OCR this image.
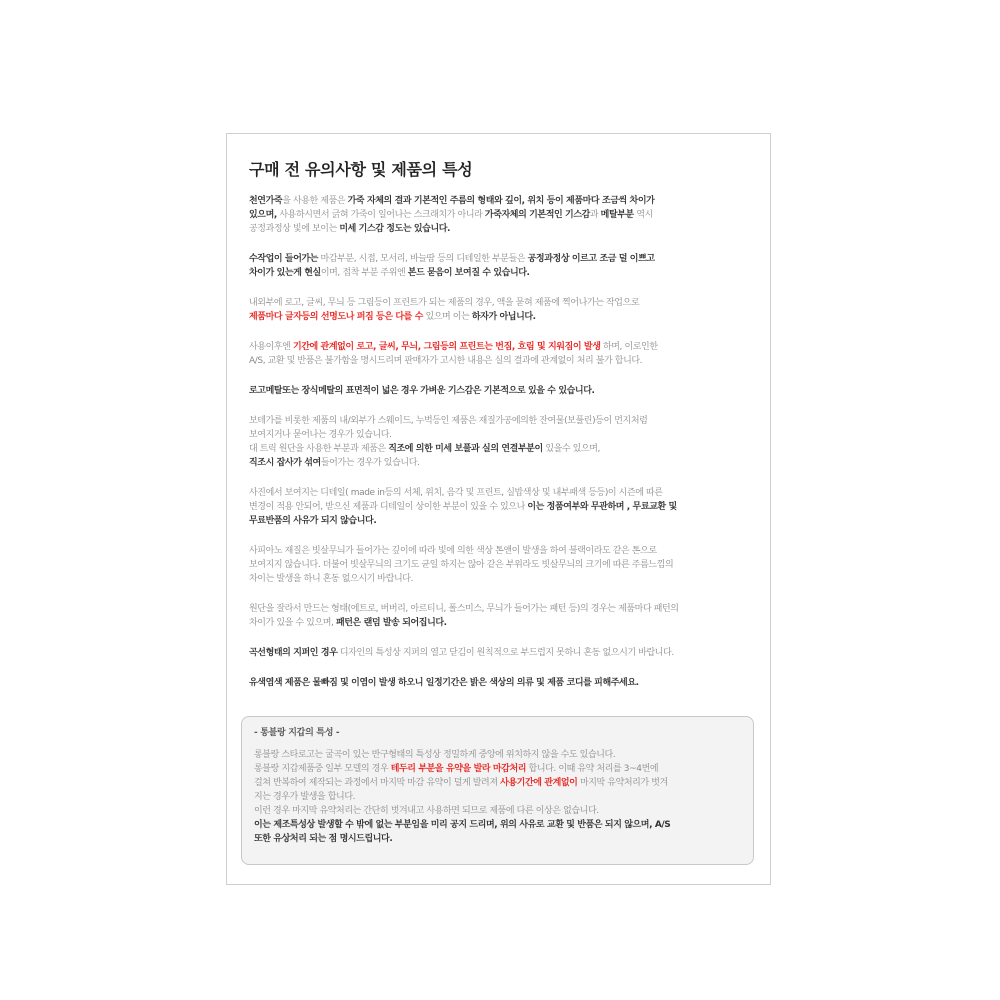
구매 전 유의사항 및 제품의 특성

천연가죽을 사용한 제품은 가죽 자체의 결과 기본적인 주름의 형태와 깊이, 위치 등이 제품마다 조금씩 차이가
있으며, 사용하시면서 긁혀 가죽이 일어나는 스크래치가 아니라 가죽자체의 기본적인 기스감과 메탈부분 역시
공정과정상 빛에 보이는 미세 기스감 정도는 있습니다.

수작업이 들어가는 마감부분, 시접, 모서리, 바늘땀 등의 디테일한 부분들은 공정과정상 이르고 조금 덜 이쁘고
차이가 있는게 현실이며, 접착 부분 주위엔 본드 묻음이 보여질 수 있습니다.

내외부에 로고, 글씨, 무늬 등 그림등이 프린트가 되는 제품의 경우, 액을 묻혀 제품에 찍어나가는 작업으로
제품마다 글자등의 선명도나 퍼짐 등은 다를 수 있으며 이는 하자가 아닙니다.

사용이후엔 기간에 관계없이 로고, 글씨, 무늬, 그림등의 프린트는 번짐, 흐림 및 지워짐이 발생 하며, 이로인한
A/S, 교환 및 반품은 불가함을 명시드리며 판매자가 고시한 내용은 실의 결과에 관계없이 처리 불가 합니다.

로고메탈또는 장식메탈의 표면적이 넓은 경우 가벼운 기스감은 기본적으로 있을 수 있습니다.

보테가를 비롯한 제품의 내/외부가 스웨이드, 누벅등인 제품은 재질가공에의한 잔여물(보풀린)등이 먼지처럼
보여지거나 묻어나는 경우가 있습니다.
대 트릭 원단을 사용한 부분과 제품은 직조에 의한 미세 보풀과 실의 연결부분이 있을수 있으며,
직조시 잡사가 섞여들어가는 경우가 있습니다.

사진에서 보여지는 디테일( made in등의 서체, 위치, 음각 및 프린트, 실밥색상 및 내부패색 등등)이 시즌에 따른
변경이 적용 안되어, 받으신 제품과 디테일이 상이한 부분이 있을 수 있으나 이는 정품여부와 무관하며 , 무료교환 및
무료반품의 사유가 되지 않습니다.

사피아노 재질은 빗살무늬가 들어가는 깊이에 따라 빛에 의한 색상 톤앤이 발생을 하여 블랙이라도 같은 톤으로
보여지지 않습니다. 더불어 빗살무늬의 크기도 균일 하지는 않아 같은 부위라도 빗살무늬의 크기에 따른 주름느낌의
차이는 발생을 하니 혼동 없으시기 바랍니다.

원단을 잘라서 만드는 형태(에트로, 버버리, 아르티니, 폴스미스, 무늬가 들어가는 패턴 등)의 경우는 제품마다 패턴의
차이가 있을 수 있으며, 패턴은 랜덤 발송 되어집니다.

곡선형태의 지퍼인 경우 디자인의 특성상 지퍼의 열고 닫김이 원칙적으로 부드럽지 못하니 혼동 없으시기 바랍니다.

유색염색 제품은 물빠짐 및 이염이 발생 하오니 일정기간은 밝은 색상의 의류 및 제품 코디를 피해주세요.

- 통블랑 지갑의 특성 -
롱블랑 스타로고는 굴곡이 있는 반구형태의 특성상 정밀하게 중앙에 위치하지 않을 수도 있습니다.
롱블랑 지갑제품중 일부 모델의 경우 테두리 부분을 유약을 발라 마감처리 합니다. 이때 유약 처리를 3~4번에
걸쳐 반복하여 제작되는 과정에서 마지막 마감 유약이 덜게 발려져 사용기간에 관계없이 마지막 유약처리가 벗겨
지는 경우가 발생을 합니다.
이런 경우 마지막 유약처리는 간단히 벗겨내고 사용하면 되므로 제품에 다른 이상은 없습니다.
이는 제조특성상 발생할 수 밖에 없는 부분임을 미리 공지 드리며, 위의 사유로 교환 및 반품은 되지 않으며, A/S
또한 유상처리 되는 점 명시드립니다.
